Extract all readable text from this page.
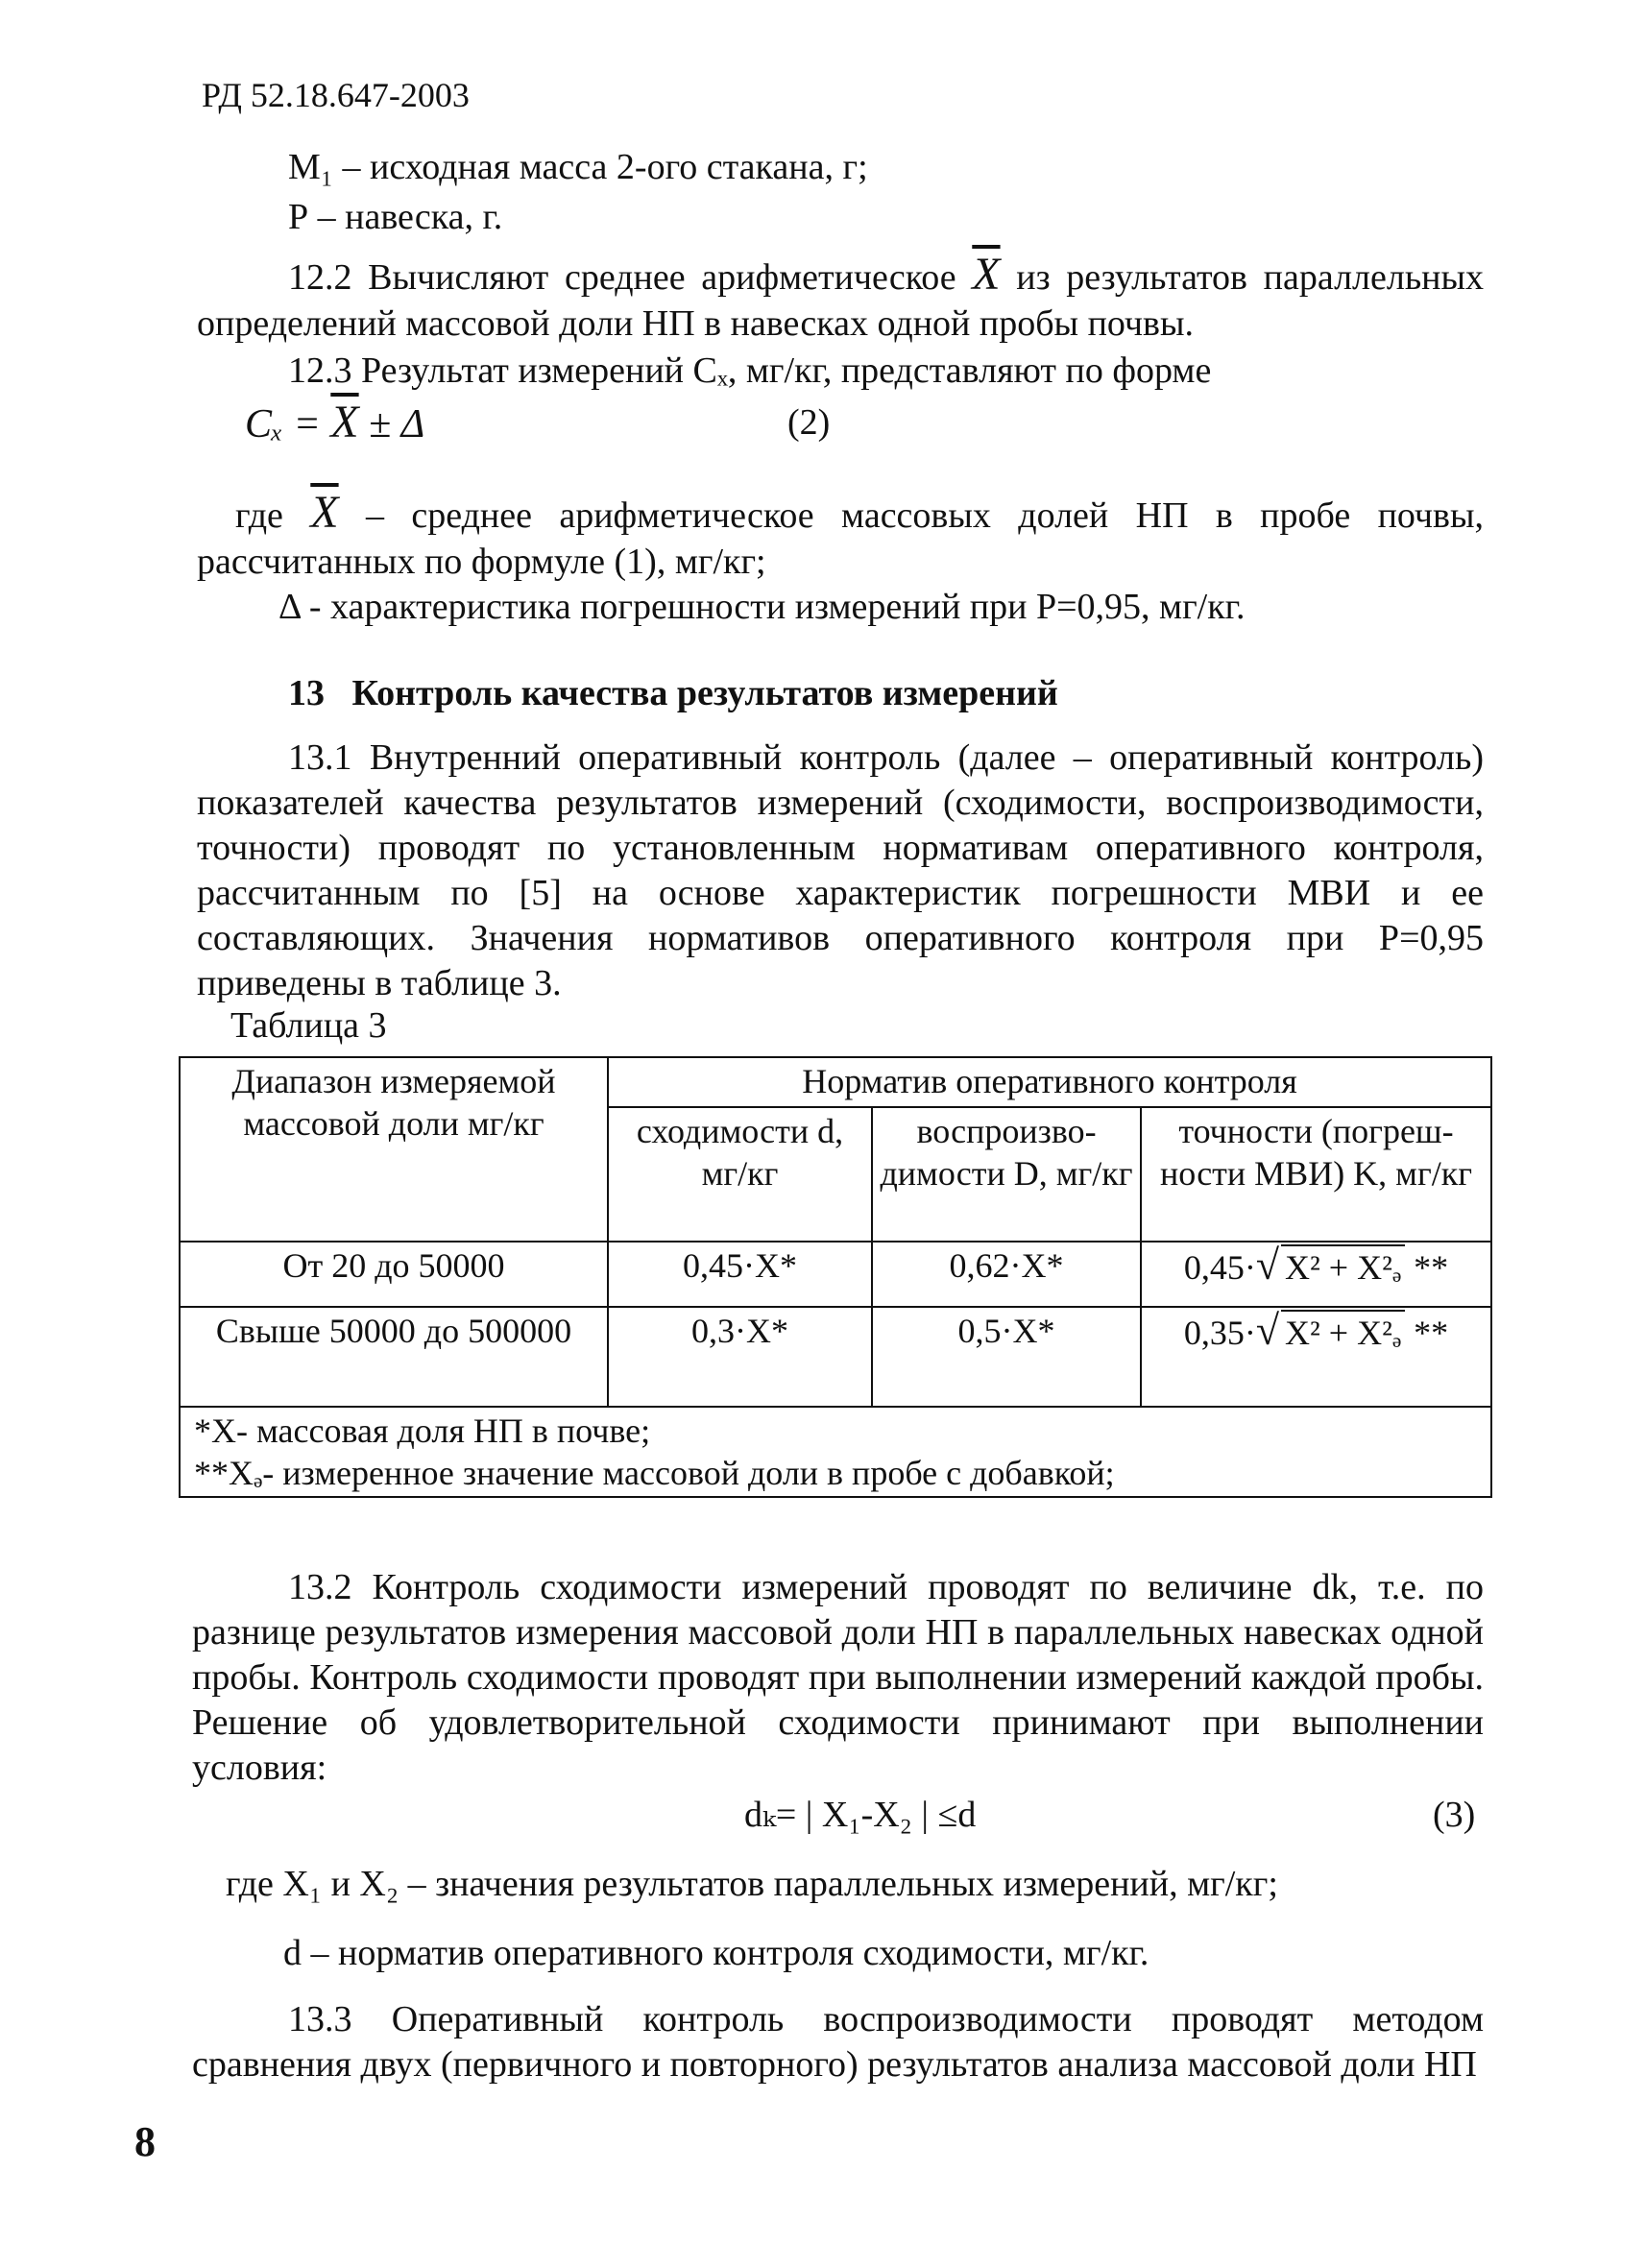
РД 52.18.647-2003
М₁ – исходная масса 2-ого стакана, г;
Р – навеска, г.
12.2 Вычисляют среднее арифметическое $\overline{X}$ из результатов параллельных определений массовой доли НП в навесках одной пробы почвы.
12.3 Результат измерений Cₓ, мг/кг, представляют по форме
$C_x = \overline{X} \pm \Delta$	(2)
где $\overline{X}$ – среднее арифметическое массовых долей НП в пробе почвы, рассчитанных по формуле (1), мг/кг;
Δ - характеристика погрешности измерений при Р=0,95, мг/кг.
13   Контроль качества результатов измерений
13.1 Внутренний оперативный контроль (далее – оперативный контроль) показателей качества результатов измерений (сходимости, воспроизводимости, точности) проводят по установленным нормативам оперативного контроля, рассчитанным по [5] на основе характеристик погрешности МВИ и ее составляющих. Значения нормативов оперативного контроля при Р=0,95 приведены в таблице 3.
Таблица 3
Диапазон измеряемой массовой доли мг/кг	Норматив оперативного контроля		
	сходимости d, мг/кг	воспроизво-димости D, мг/кг	точности (погреш-ности МВИ) K, мг/кг
От 20 до 50000	0,45·X*	0,62·X*	0,45·√ X² + X²ₔ **
Свыше 50000 до 500000	0,3·X*	0,5·X*	0,35·√ X² + X²ₔ **

*X- массовая доля НП в почве;
**Xₔ- измеренное значение массовой доли в пробе с добавкой;			
13.2 Контроль сходимости измерений проводят по величине dk, т.е. по разнице результатов измерения массовой доли НП в параллельных навесках одной пробы. Контроль сходимости проводят при выполнении измерений каждой пробы. Решение об удовлетворительной сходимости принимают при выполнении условия:
dₖ= | X₁-X₂ | ≤d	(3)
где X₁ и X₂ – значения результатов параллельных измерений, мг/кг;
d – норматив оперативного контроля сходимости, мг/кг.
13.3 Оперативный контроль воспроизводимости проводят методом сравнения двух (первичного и повторного) результатов анализа массовой доли НП
8
